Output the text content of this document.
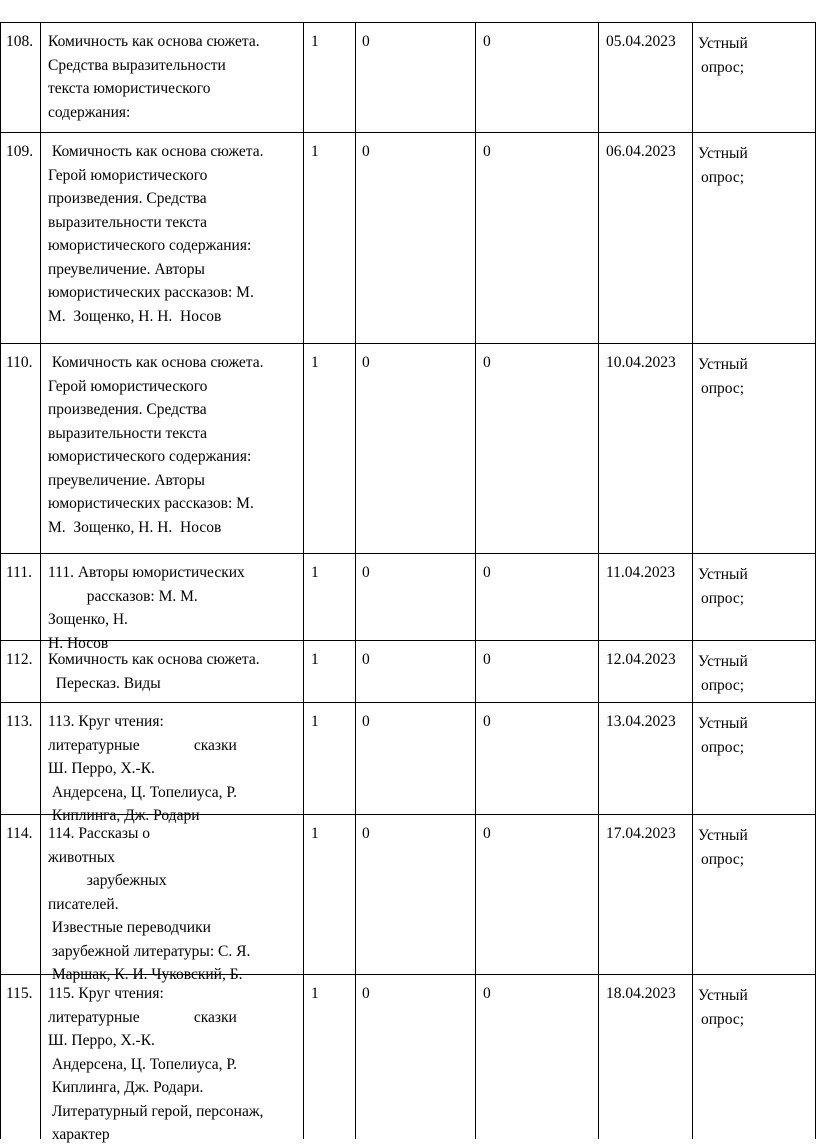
108. Комичность как основа сюжета.
Средства выразительности
текста юмористического
содержания:
1	0	0	05.04.2023 Устный
опрос;
109. Комичность как основа сюжета.
Герой юмористического
произведения. Средства
выразительности текста
юмористического содержания:
преувеличение. Авторы
юмористических рассказов: М.
М.  Зощенко, Н. Н.  Носов
1	0	0	06.04.2023 Устный
опрос;
110. Комичность как основа сюжета.
Герой юмористического
произведения. Средства
выразительности текста
юмористического содержания:
преувеличение. Авторы
юмористических рассказов: М.
М.  Зощенко, Н. Н.  Носов
1	0	0	10.04.2023 Устный
опрос;
111. 111. Авторы юмористических
рассказов: М. М.
Зощенко, Н.
Н. Носов
1	0	0	11.04.2023 Устный
опрос;
112. Комичность как основа сюжета.
Пересказ. Виды
1	0	0	12.04.2023 Устный
опрос;
113. 113. Круг чтения:
литературные              сказки
Ш. Перро, Х.-К.
Андерсена, Ц. Топелиуса, Р.
Киплинга, Дж. Родари
1	0	0	13.04.2023 Устный
опрос;
114. 114. Рассказы о
животных
зарубежных
писателей.
Известные переводчики
зарубежной литературы: С. Я.
Маршак, К. И. Чуковский, Б.
1	0	0	17.04.2023 Устный
опрос;
115. 115. Круг чтения:
литературные              сказки
Ш. Перро, Х.-К.
Андерсена, Ц. Топелиуса, Р.
Киплинга, Дж. Родари.
Литературный герой, персонаж,
характер
1	0	0	18.04.2023 Устный
опрос;
